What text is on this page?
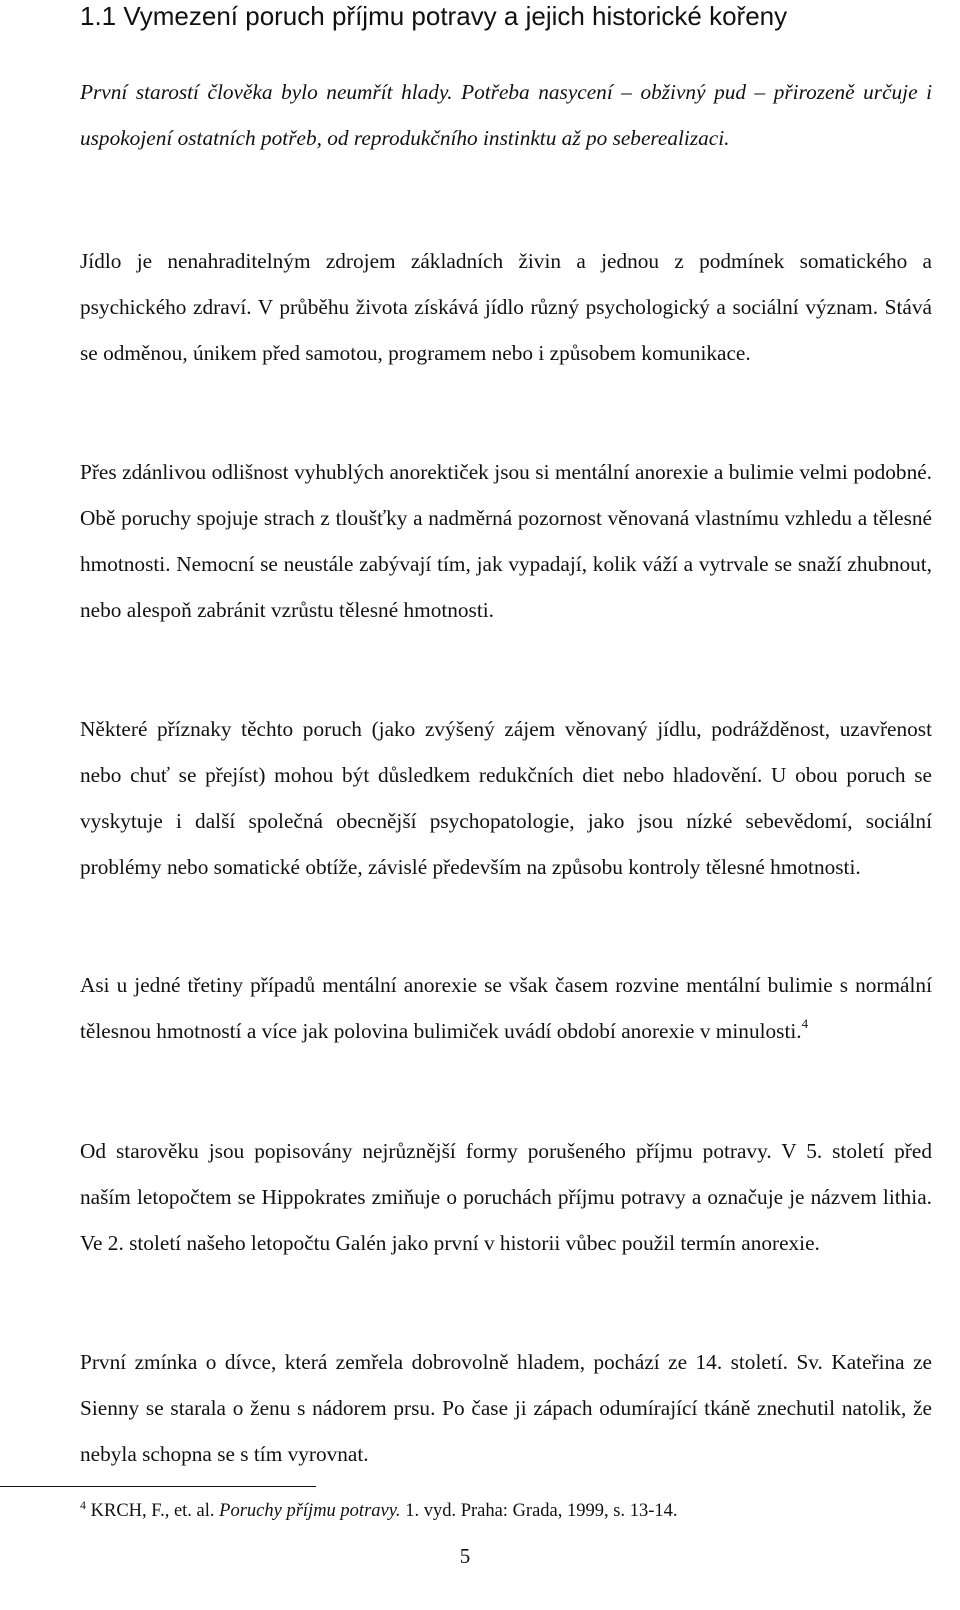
1.1 Vymezení poruch příjmu potravy a jejich historické kořeny

První starostí člověka bylo neumřít hlady. Potřeba nasycení – obživný pud – přirozeně určuje i uspokojení ostatních potřeb, od reprodukčního instinktu až po seberealizaci.

Jídlo je nenahraditelným zdrojem základních živin a jednou z podmínek somatického a psychického zdraví. V průběhu života získává jídlo různý psychologický a sociální význam. Stává se odměnou, únikem před samotou, programem nebo i způsobem komunikace.

Přes zdánlivou odlišnost vyhublých anorektiček jsou si mentální anorexie a bulimie velmi podobné. Obě poruchy spojuje strach z tloušťky a nadměrná pozornost věnovaná vlastnímu vzhledu a tělesné hmotnosti. Nemocní se neustále zabývají tím, jak vypadají, kolik váží a vytrvale se snaží zhubnout, nebo alespoň zabránit vzrůstu tělesné hmotnosti.

Některé příznaky těchto poruch (jako zvýšený zájem věnovaný jídlu, podrážděnost, uzavřenost nebo chuť se přejíst) mohou být důsledkem redukčních diet nebo hladovění. U obou poruch se vyskytuje i další společná obecnější psychopatologie, jako jsou nízké sebevědomí, sociální problémy nebo somatické obtíže, závislé především na způsobu kontroly tělesné hmotnosti.

Asi u jedné třetiny případů mentální anorexie se však časem rozvine mentální bulimie s normální tělesnou hmotností a více jak polovina bulimiček uvádí období anorexie v minulosti.$^4$

Od starověku jsou popisovány nejrůznější formy porušeného příjmu potravy. V 5. století před naším letopočtem se Hippokrates zmiňuje o poruchách příjmu potravy a označuje je názvem lithia. Ve 2. století našeho letopočtu Galén jako první v historii vůbec použil termín anorexie.

První zmínka o dívce, která zemřela dobrovolně hladem, pochází ze 14. století. Sv. Kateřina ze Sienny se starala o ženu s nádorem prsu. Po čase ji zápach odumírající tkáně znechutil natolik, že nebyla schopna se s tím vyrovnat.

$^4$ KRCH, F., et. al. Poruchy příjmu potravy. 1. vyd. Praha: Grada, 1999, s. 13-14.

5
